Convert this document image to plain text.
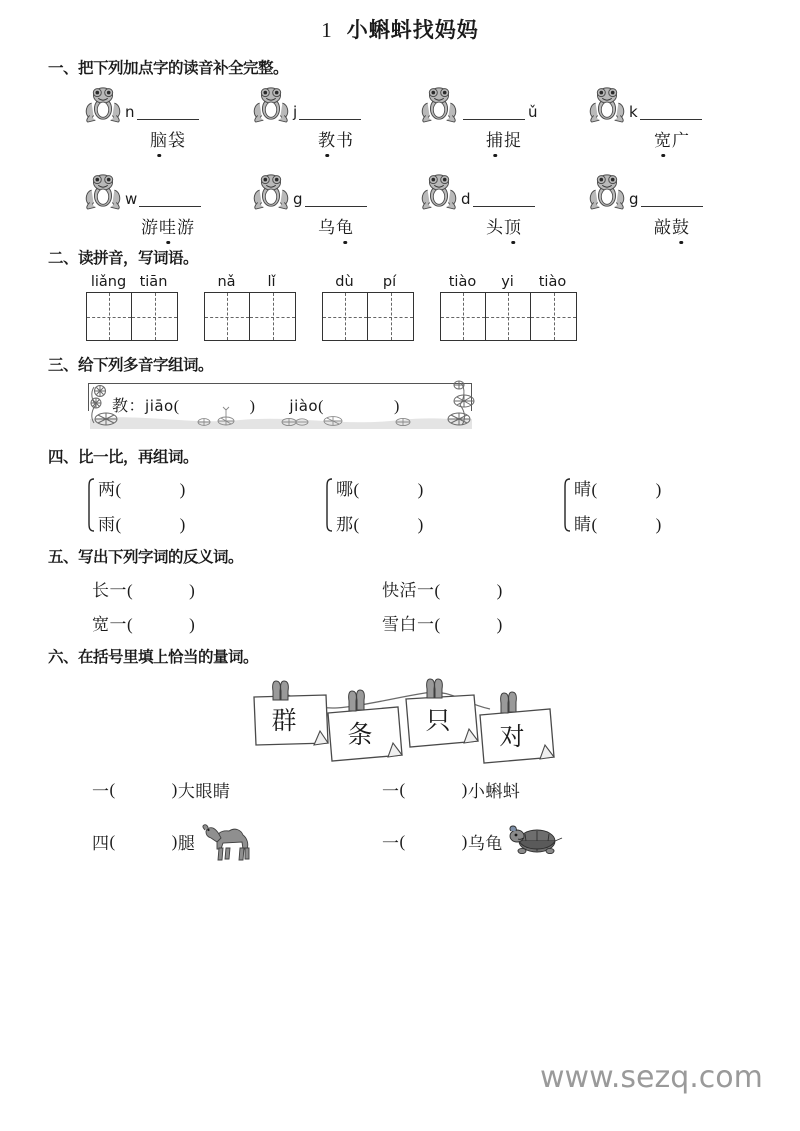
1 小蝌蚪找妈妈
一、把下列加点字的读音补全完整。
n	j	ǔ	k
脑袋	教书	捕捉	宽广
w	g	d	g
游哇游	乌龟	头顶	敲鼓
二、读拼音，写词语。
liǎng tiān	nǎ	lǐ	dù	pí	tiào	yi	tiào
三、给下列多音字组词。
教：jiāo(	) jiào(	)
四、比一比，再组词。
两(	)
雨(	)
哪(	)
那(	)
晴(	)
睛(	)
五、写出下列字词的反义词。
长一(	)	快活一(	)
宽一(	)	雪白一(	)
六、在括号里填上恰当的量词。
群
条
只
对
一 (	) 大眼睛	一 (	) 小蝌蚪
四 (	) 腿	一 (	) 乌龟
www.sezq.com
